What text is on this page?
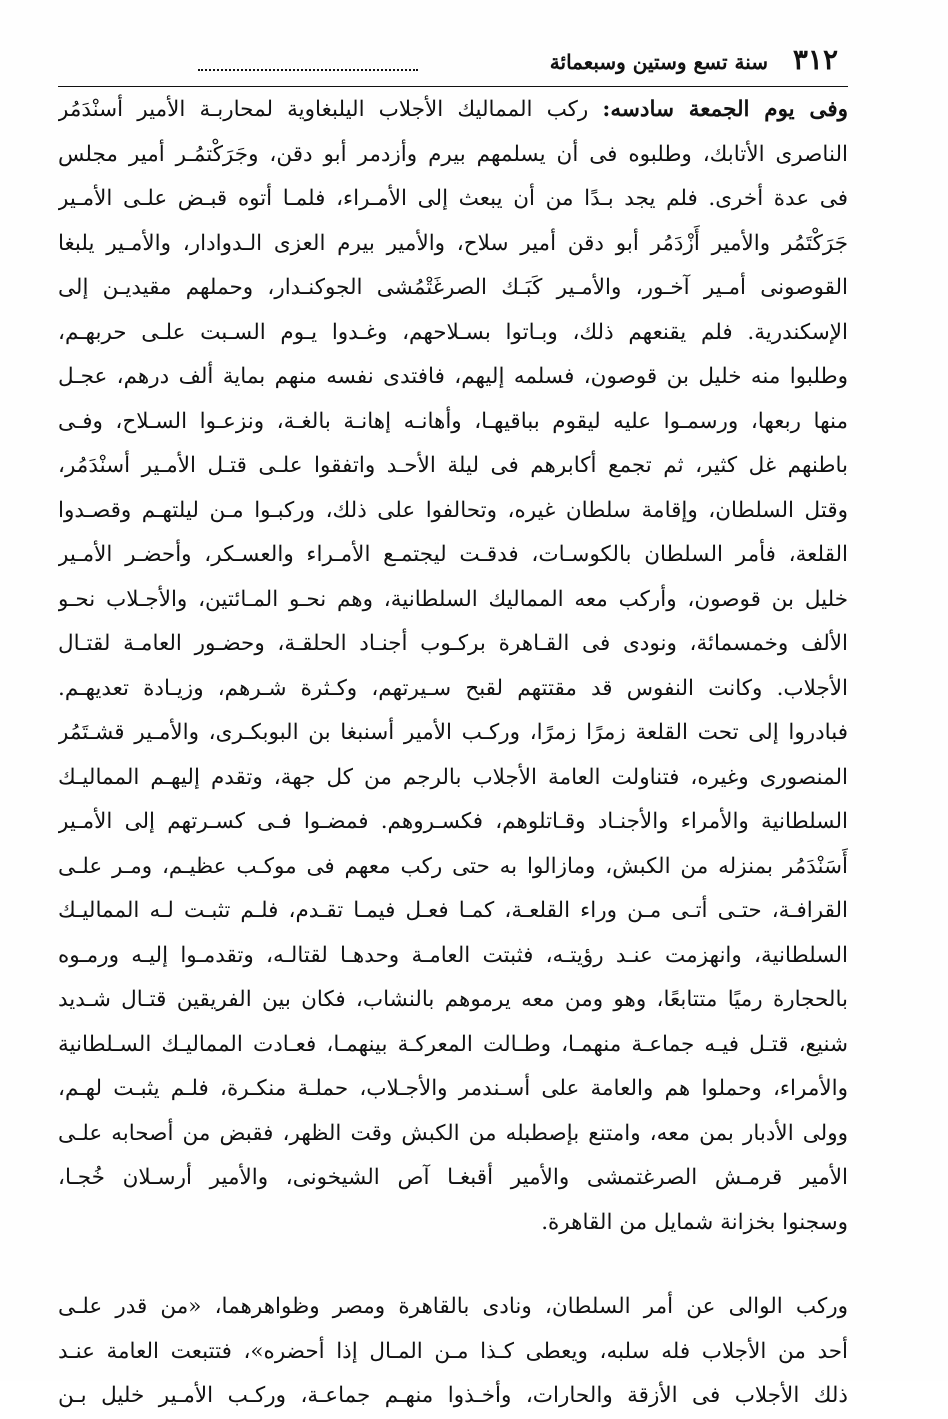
٣١٢
سنة تسع وستين وسبعمائة
وفى يوم الجمعة سادسه: ركب المماليك الأجلاب اليلبغاوية لمحاربـة الأمير أسنْدَمُر
الناصرى الأتابك، وطلبوه فى أن يسلمهم بيرم وأزدمر أبو دقن، وجَرَكْتمُـر أمير مجلس
فى عدة أخرى. فلم يجد بـدًا من أن يبعث إلى الأمـراء، فلمـا أتوه قبـض علـى الأمـير
جَرَكْتَمُر والأمير أَزْدَمُر أبو دقن أمير سلاح، والأمير بيرم العزى الـدوادار، والأمـير يلبغا
القوصونى أمـير آخـور، والأمـير كَبَـك الصرغَتْمُشى الجوكنـدار، وحملهم مقيديـن إلى
الإسكندرية. فلم يقنعهم ذلك، وبـاتوا بسـلاحهم، وغـدوا يـوم السـبت علـى حربهـم،
وطلبوا منه خليل بن قوصون، فسلمه إليهم، فافتدى نفسه منهم بماية ألف درهم، عجـل
منها ربعها، ورسمـوا عليه ليقوم بباقيهـا، وأهانـه إهانـة بالغـة، ونزعـوا السـلاح، وفـى
باطنهم غل كثير، ثم تجمع أكابرهم فى ليلة الأحـد واتفقوا علـى قتـل الأمـير أسنْدَمُر،
وقتل السلطان، وإقامة سلطان غيره، وتحالفوا على ذلك، وركبـوا مـن ليلتهـم وقصـدوا
القلعة، فأمر السلطان بالكوسـات، فدقـت ليجتمـع الأمـراء والعسـكر، وأحضـر الأمـير
خليل بن قوصون، وأركب معه المماليك السلطانية، وهم نحـو المـائتين، والأجـلاب نحـو
الألف وخمسمائة، ونودى فى القـاهرة بركـوب أجنـاد الحلقـة، وحضـور العامـة لقتـال
الأجلاب. وكانت النفوس قد مقتتهم لقبح سـيرتهم، وكـثرة شـرهم، وزيـادة تعديهـم.
فبادروا إلى تحت القلعة زمرًا زمرًا، وركـب الأمير أسنبغا بن البوبكـرى، والأمـير قشـتَمُر
المنصورى وغيره، فتناولت العامة الأجلاب بالرجم من كل جهة، وتقدم إليهـم المماليـك
السلطانية والأمراء والأجنـاد وقـاتلوهم، فكسـروهم. فمضـوا فـى كسـرتهم إلى الأمـير
أَسَنْدَمُر بمنزله من الكبش، ومازالوا به حتى ركب معهم فى موكـب عظيـم، ومـر علـى
القرافـة، حتـى أتـى مـن وراء القلعـة، كمـا فعـل فيمـا تقـدم، فلـم تثبـت لـه المماليـك
السلطانية، وانهزمت عنـد رؤيتـه، فثبتت العامـة وحدهـا لقتالـه، وتقدمـوا إليـه ورمـوه
بالحجارة رميًا متتابعًا، وهو ومن معه يرموهم بالنشاب، فكان بين الفريقين قتـال شـديد
شنيع، قتـل فيـه جماعـة منهمـا، وطـالت المعركـة بينهمـا، فعـادت المماليـك السـلطانية
والأمراء، وحملوا هم والعامة على أسـندمر والأجـلاب، حملـة منكـرة، فلـم يثبـت لهـم،
وولى الأدبار بمن معه، وامتنع بإصطبله من الكبش وقت الظهر، فقبض من أصحابه علـى
الأمير قرمـش الصرغتمشى والأمير أقبغـا آص الشيخونى، والأمير أرسـلان خُجـا،
وسجنوا بخزانة شمايل من القاهرة.
وركب الوالى عن أمر السلطان، ونادى بالقاهرة ومصر وظواهرهما، «من قدر علـى
أحد من الأجلاب فله سلبه، ويعطى كـذا مـن المـال إذا أحضره»، فتتبعت العامة عنـد
ذلك الأجلاب فى الأزقة والحارات، وأخـذوا منهـم جماعـة، وركـب الأمـير خليل بـن
